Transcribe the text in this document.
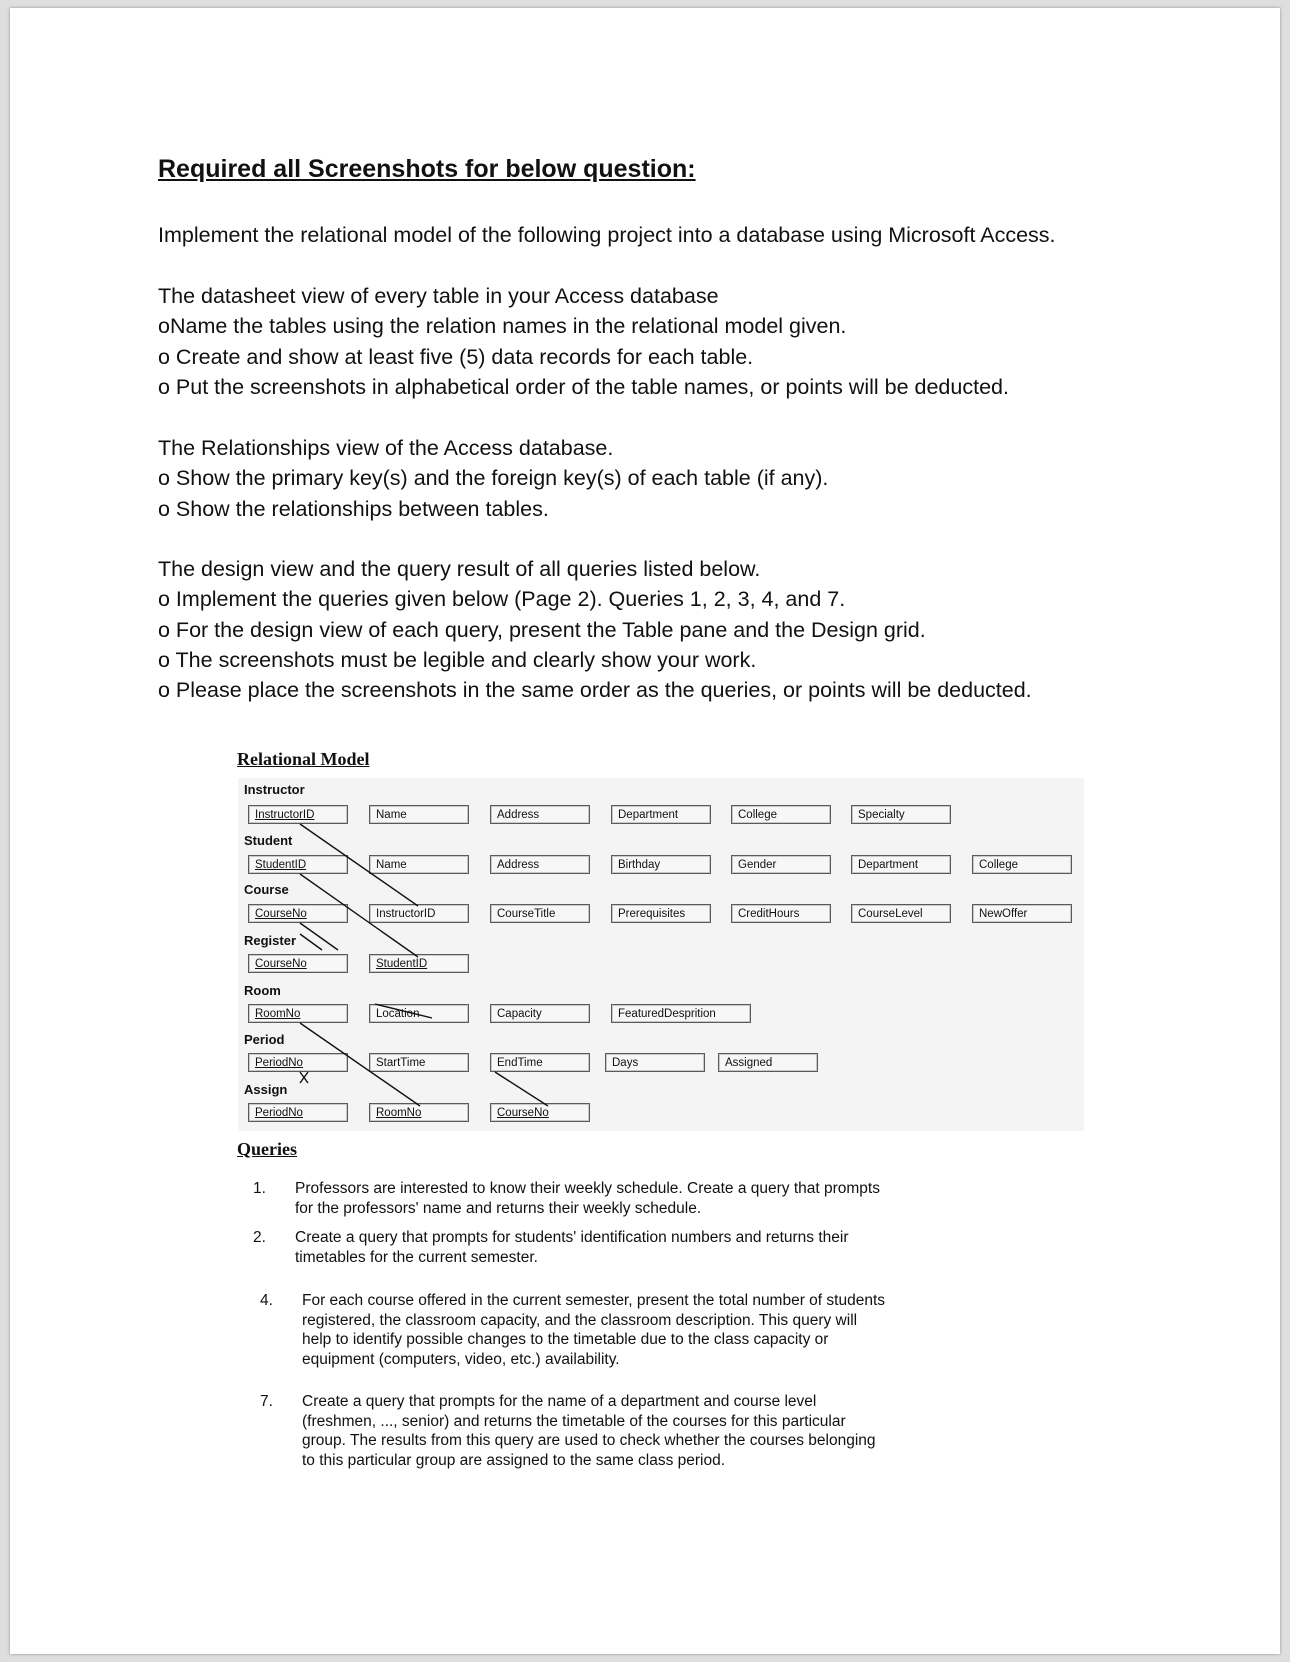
Required all Screenshots for below question:
Implement the relational model of the following project into a database using Microsoft Access.
The datasheet view of every table in your Access database
oName the tables using the relation names in the relational model given.
o Create and show at least five (5) data records for each table.
o Put the screenshots in alphabetical order of the table names, or points will be deducted.
The Relationships view of the Access database.
o Show the primary key(s) and the foreign key(s) of each table (if any).
o Show the relationships between tables.
The design view and the query result of all queries listed below.
o Implement the queries given below (Page 2). Queries 1, 2, 3, 4, and 7.
o For the design view of each query, present the Table pane and the Design grid.
o The screenshots must be legible and clearly show your work.
o Please place the screenshots in the same order as the queries, or points will be deducted.
Relational Model
Instructor
Student
Course
Register
Room
Period
Assign
InstructorID	Name	Address	Department	College	Specialty
StudentID	Name	Address	Birthday	Gender	Department	College
CourseNo	InstructorID	CourseTitle	Prerequisites	CreditHours	CourseLevel	NewOffer
CourseNo	StudentID
RoomNo	Location	Capacity	FeaturedDesprition
PeriodNo	StartTime	EndTime	Days	Assigned
PeriodNo	RoomNo	CourseNo
Queries
1. Professors are interested to know their weekly schedule. Create a query that prompts
for the professors' name and returns their weekly schedule.
2. Create a query that prompts for students' identification numbers and returns their
timetables for the current semester.
4. For each course offered in the current semester, present the total number of students
registered, the classroom capacity, and the classroom description. This query will
help to identify possible changes to the timetable due to the class capacity or
equipment (computers, video, etc.) availability.
7. Create a query that prompts for the name of a department and course level
(freshmen, ..., senior) and returns the timetable of the courses for this particular
group. The results from this query are used to check whether the courses belonging
to this particular group are assigned to the same class period.
